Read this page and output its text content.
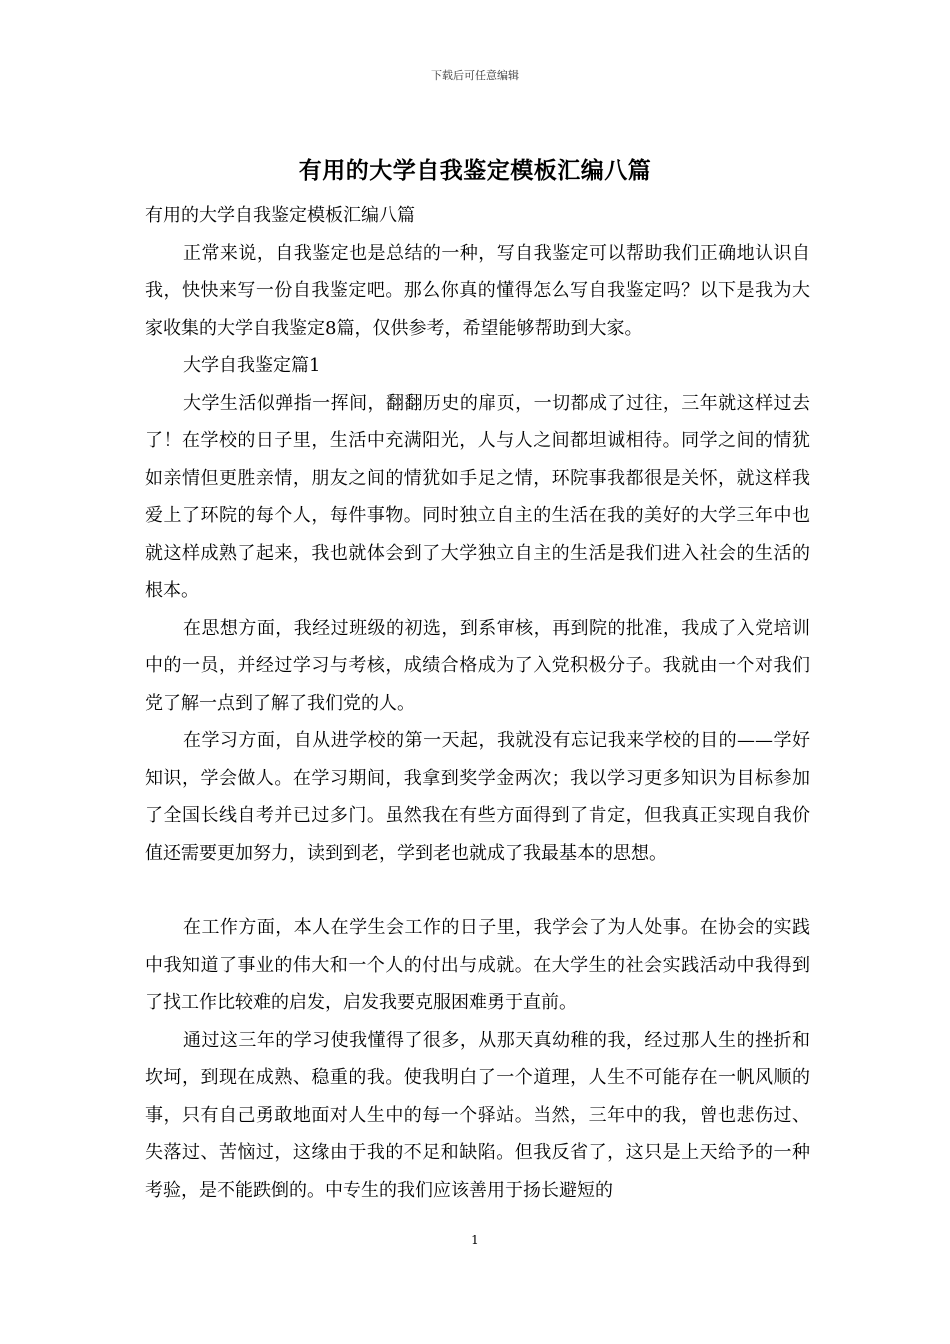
下载后可任意编辑
有用的大学自我鉴定模板汇编八篇

有用的大学自我鉴定模板汇编八篇

正常来说，自我鉴定也是总结的一种，写自我鉴定可以帮助我们正确地认识自我，快快来写一份自我鉴定吧。那么你真的懂得怎么写自我鉴定吗？以下是我为大家收集的大学自我鉴定8篇，仅供参考，希望能够帮助到大家。

大学自我鉴定篇1

大学生活似弹指一挥间，翻翻历史的扉页，一切都成了过往，三年就这样过去了！在学校的日子里，生活中充满阳光，人与人之间都坦诚相待。同学之间的情犹如亲情但更胜亲情，朋友之间的情犹如手足之情，环院事我都很是关怀，就这样我爱上了环院的每个人，每件事物。同时独立自主的生活在我的美好的大学三年中也就这样成熟了起来，我也就体会到了大学独立自主的生活是我们进入社会的生活的根本。

在思想方面，我经过班级的初选，到系审核，再到院的批准，我成了入党培训中的一员，并经过学习与考核，成绩合格成为了入党积极分子。我就由一个对我们党了解一点到了解了我们党的人。

在学习方面，自从进学校的第一天起，我就没有忘记我来学校的目的——学好知识，学会做人。在学习期间，我拿到奖学金两次；我以学习更多知识为目标参加了全国长线自考并已过多门。虽然我在有些方面得到了肯定，但我真正实现自我价值还需要更加努力，读到到老，学到老也就成了我最基本的思想。

在工作方面，本人在学生会工作的日子里，我学会了为人处事。在协会的实践中我知道了事业的伟大和一个人的付出与成就。在大学生的社会实践活动中我得到了找工作比较难的启发，启发我要克服困难勇于直前。

通过这三年的学习使我懂得了很多，从那天真幼稚的我，经过那人生的挫折和坎坷，到现在成熟、稳重的我。使我明白了一个道理，人生不可能存在一帆风顺的事，只有自己勇敢地面对人生中的每一个驿站。当然，三年中的我，曾也悲伤过、失落过、苦恼过，这缘由于我的不足和缺陷。但我反省了，这只是上天给予的一种考验，是不能跌倒的。中专生的我们应该善用于扬长避短的

1
